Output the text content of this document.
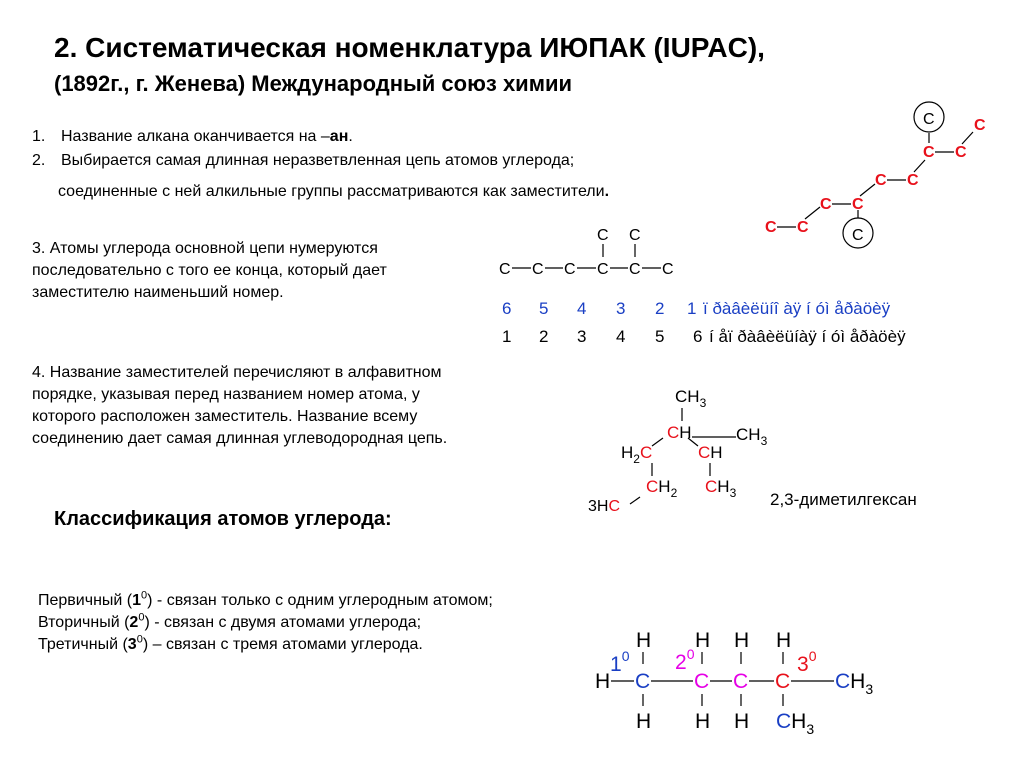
2. Систематическая номенклатура ИЮПАК (IUPAC),
(1892г., г. Женева) Международный союз химии
1. Название алкана оканчивается на –ан.
2. Выбирается самая длинная неразветвленная цепь атомов углерода;
соединенные с ней алкильные группы рассматриваются как заместители.
3. Атомы углерода основной цепи нумеруются
последовательно с того ее конца, который дает
заместителю наименьший номер.
4. Название заместителей перечисляют в алфавитном
порядке, указывая перед названием номер атома, у
которого расположен заместитель. Название всему
соединению дает самая длинная углеводородная цепь.
6 5 4 3 2 1 ï ðàâèëüíî àÿ í óì åðàöèÿ
1 2 3 4 5 6 í åï ðàâèëüíàÿ í óì åðàöèÿ
2,3-диметилгексан
Классификация атомов углерода:
Первичный $(1^0)$ - связан только с одним углеродным атомом;
Вторичный $(2^0)$ - связан с двумя атомами углерода;
Третичный $(3^0)$ – связан с тремя атомами углерода.
C
C
C
C C
C C
C C
C C
C C
C C C C C C
$CH_3$
CH	$CH_3$
$H_2C$	CH
$CH_2$ $CH_3$
3HC
H H H H
$1^0$ $2^0$	$3^0$
H C C C C $CH_3$
H H H $CH_3$
